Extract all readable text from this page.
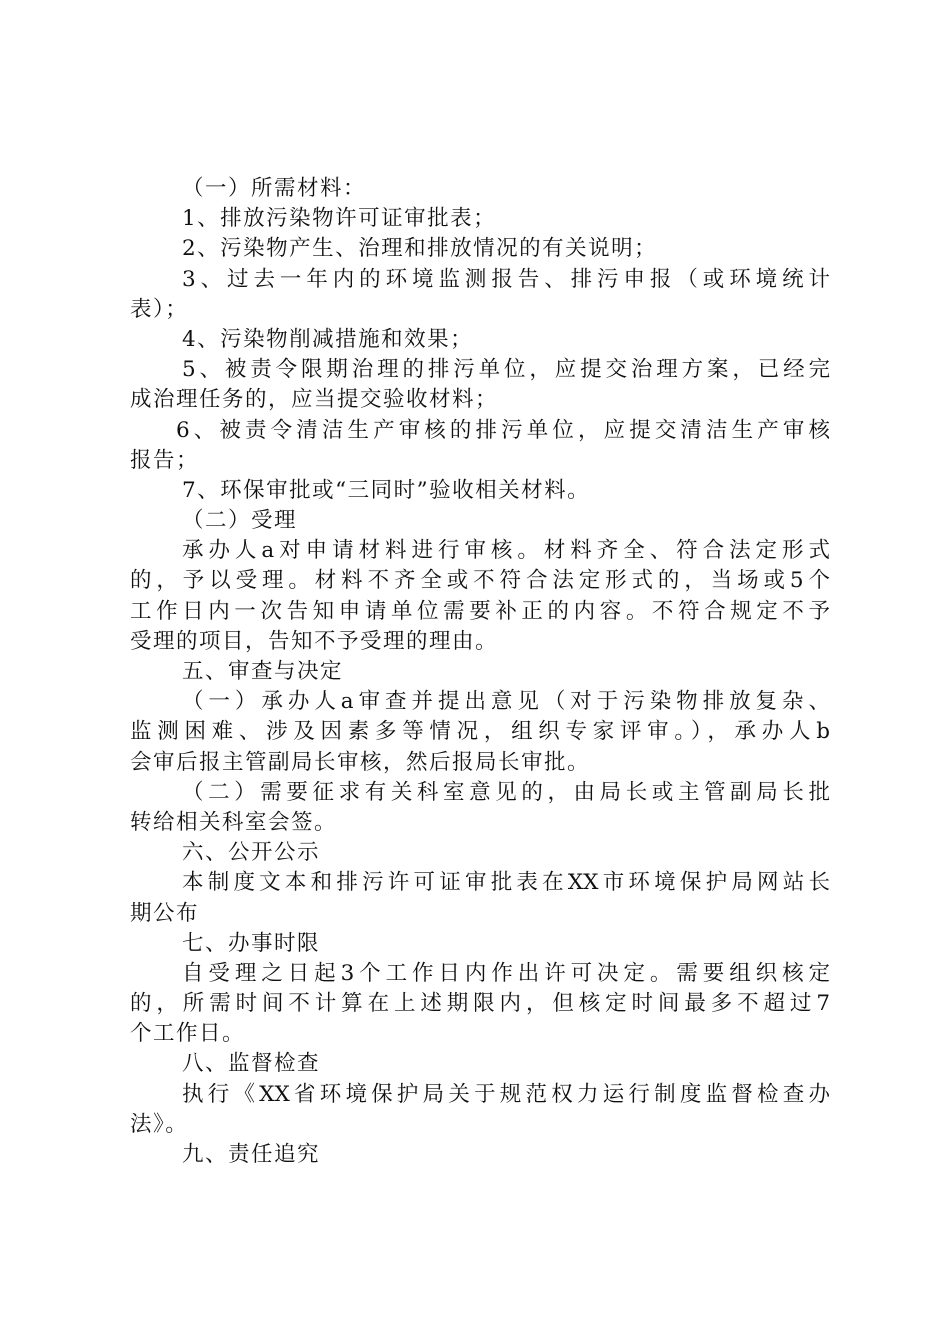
（一）所需材料：
1、排放污染物许可证审批表；
2、污染物产生、治理和排放情况的有关说明；
3、过去一年内的环境监测报告、排污申报（或环境统计
表）；
4、污染物削减措施和效果；
5、被责令限期治理的排污单位，应提交治理方案，已经完
成治理任务的，应当提交验收材料；
6、被责令清洁生产审核的排污单位，应提交清洁生产审核
报告；
7、环保审批或“三同时”验收相关材料。
（二）受理
承办人a对申请材料进行审核。材料齐全、符合法定形式
的，予以受理。材料不齐全或不符合法定形式的，当场或5个
工作日内一次告知申请单位需要补正的内容。不符合规定不予
受理的项目，告知不予受理的理由。
五、审查与决定
（一）承办人a审查并提出意见（对于污染物排放复杂、
监测困难、涉及因素多等情况，组织专家评审。），承办人b
会审后报主管副局长审核，然后报局长审批。
（二）需要征求有关科室意见的，由局长或主管副局长批
转给相关科室会签。
六、公开公示
本制度文本和排污许可证审批表在XX市环境保护局网站长
期公布
七、办事时限
自受理之日起3个工作日内作出许可决定。需要组织核定
的，所需时间不计算在上述期限内，但核定时间最多不超过7
个工作日。
八、监督检查
执行《XX省环境保护局关于规范权力运行制度监督检查办
法》。
九、责任追究
